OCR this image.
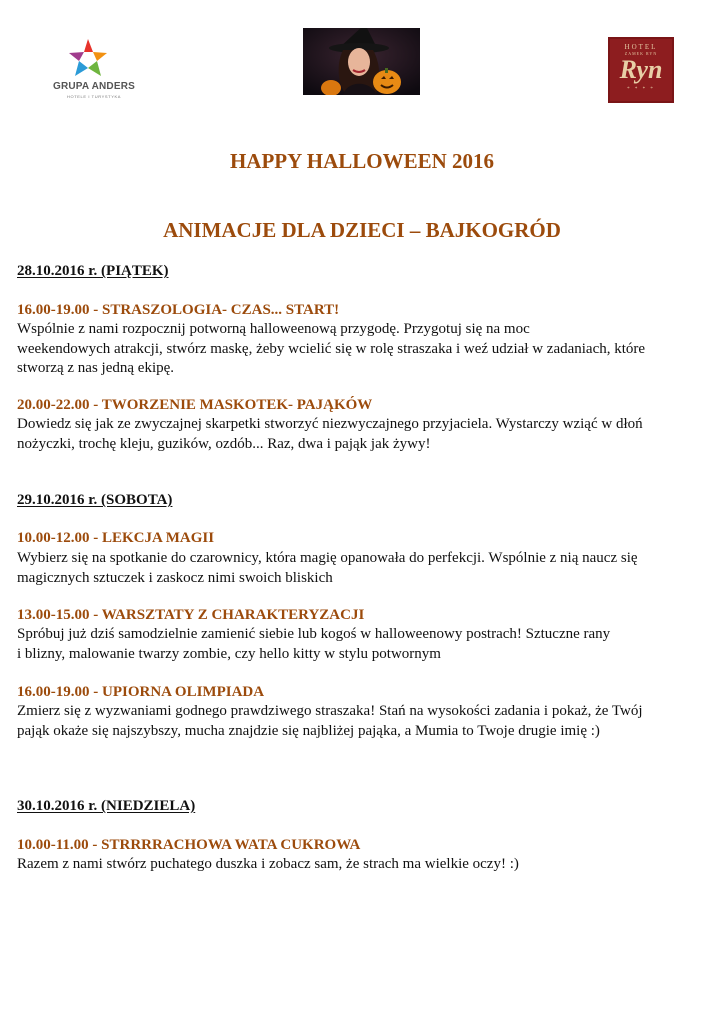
GRUPA ANDERS
HOTELE I TURYSTYKA
HOTEL
ZAMEK RYN
Ryn
* * * *
HAPPY HALLOWEEN 2016
ANIMACJE DLA DZIECI – BAJKOGRÓD
28.10.2016 r. (PIĄTEK)
16.00-19.00 - STRASZOLOGIA- CZAS... START!
Wspólnie z nami rozpocznij potworną halloweenową przygodę. Przygotuj się na moc
weekendowych atrakcji, stwórz maskę, żeby wcielić się w rolę straszaka i weź udział w zadaniach, które
stworzą z nas jedną ekipę.
20.00-22.00 - TWORZENIE MASKOTEK- PAJĄKÓW
Dowiedz się jak ze zwyczajnej skarpetki stworzyć niezwyczajnego przyjaciela. Wystarczy wziąć w dłoń
nożyczki, trochę kleju, guzików, ozdób... Raz, dwa i pająk jak żywy!
29.10.2016 r. (SOBOTA)
10.00-12.00 - LEKCJA MAGII
Wybierz się na spotkanie do czarownicy, która magię opanowała do perfekcji. Wspólnie z nią naucz się
magicznych sztuczek i zaskocz nimi swoich bliskich
13.00-15.00 - WARSZTATY Z CHARAKTERYZACJI
Spróbuj już dziś samodzielnie zamienić siebie lub kogoś w halloweenowy postrach! Sztuczne rany
i blizny, malowanie twarzy zombie, czy hello kitty w stylu potwornym
16.00-19.00 - UPIORNA OLIMPIADA
Zmierz się z wyzwaniami godnego prawdziwego straszaka! Stań na wysokości zadania i pokaż, że Twój
pająk okaże się najszybszy, mucha znajdzie się najbliżej pająka, a Mumia to Twoje drugie imię :)
30.10.2016 r. (NIEDZIELA)
10.00-11.00 - STRRRRACHOWA WATA CUKROWA
Razem z nami stwórz puchatego duszka i zobacz sam, że strach ma wielkie oczy! :)
